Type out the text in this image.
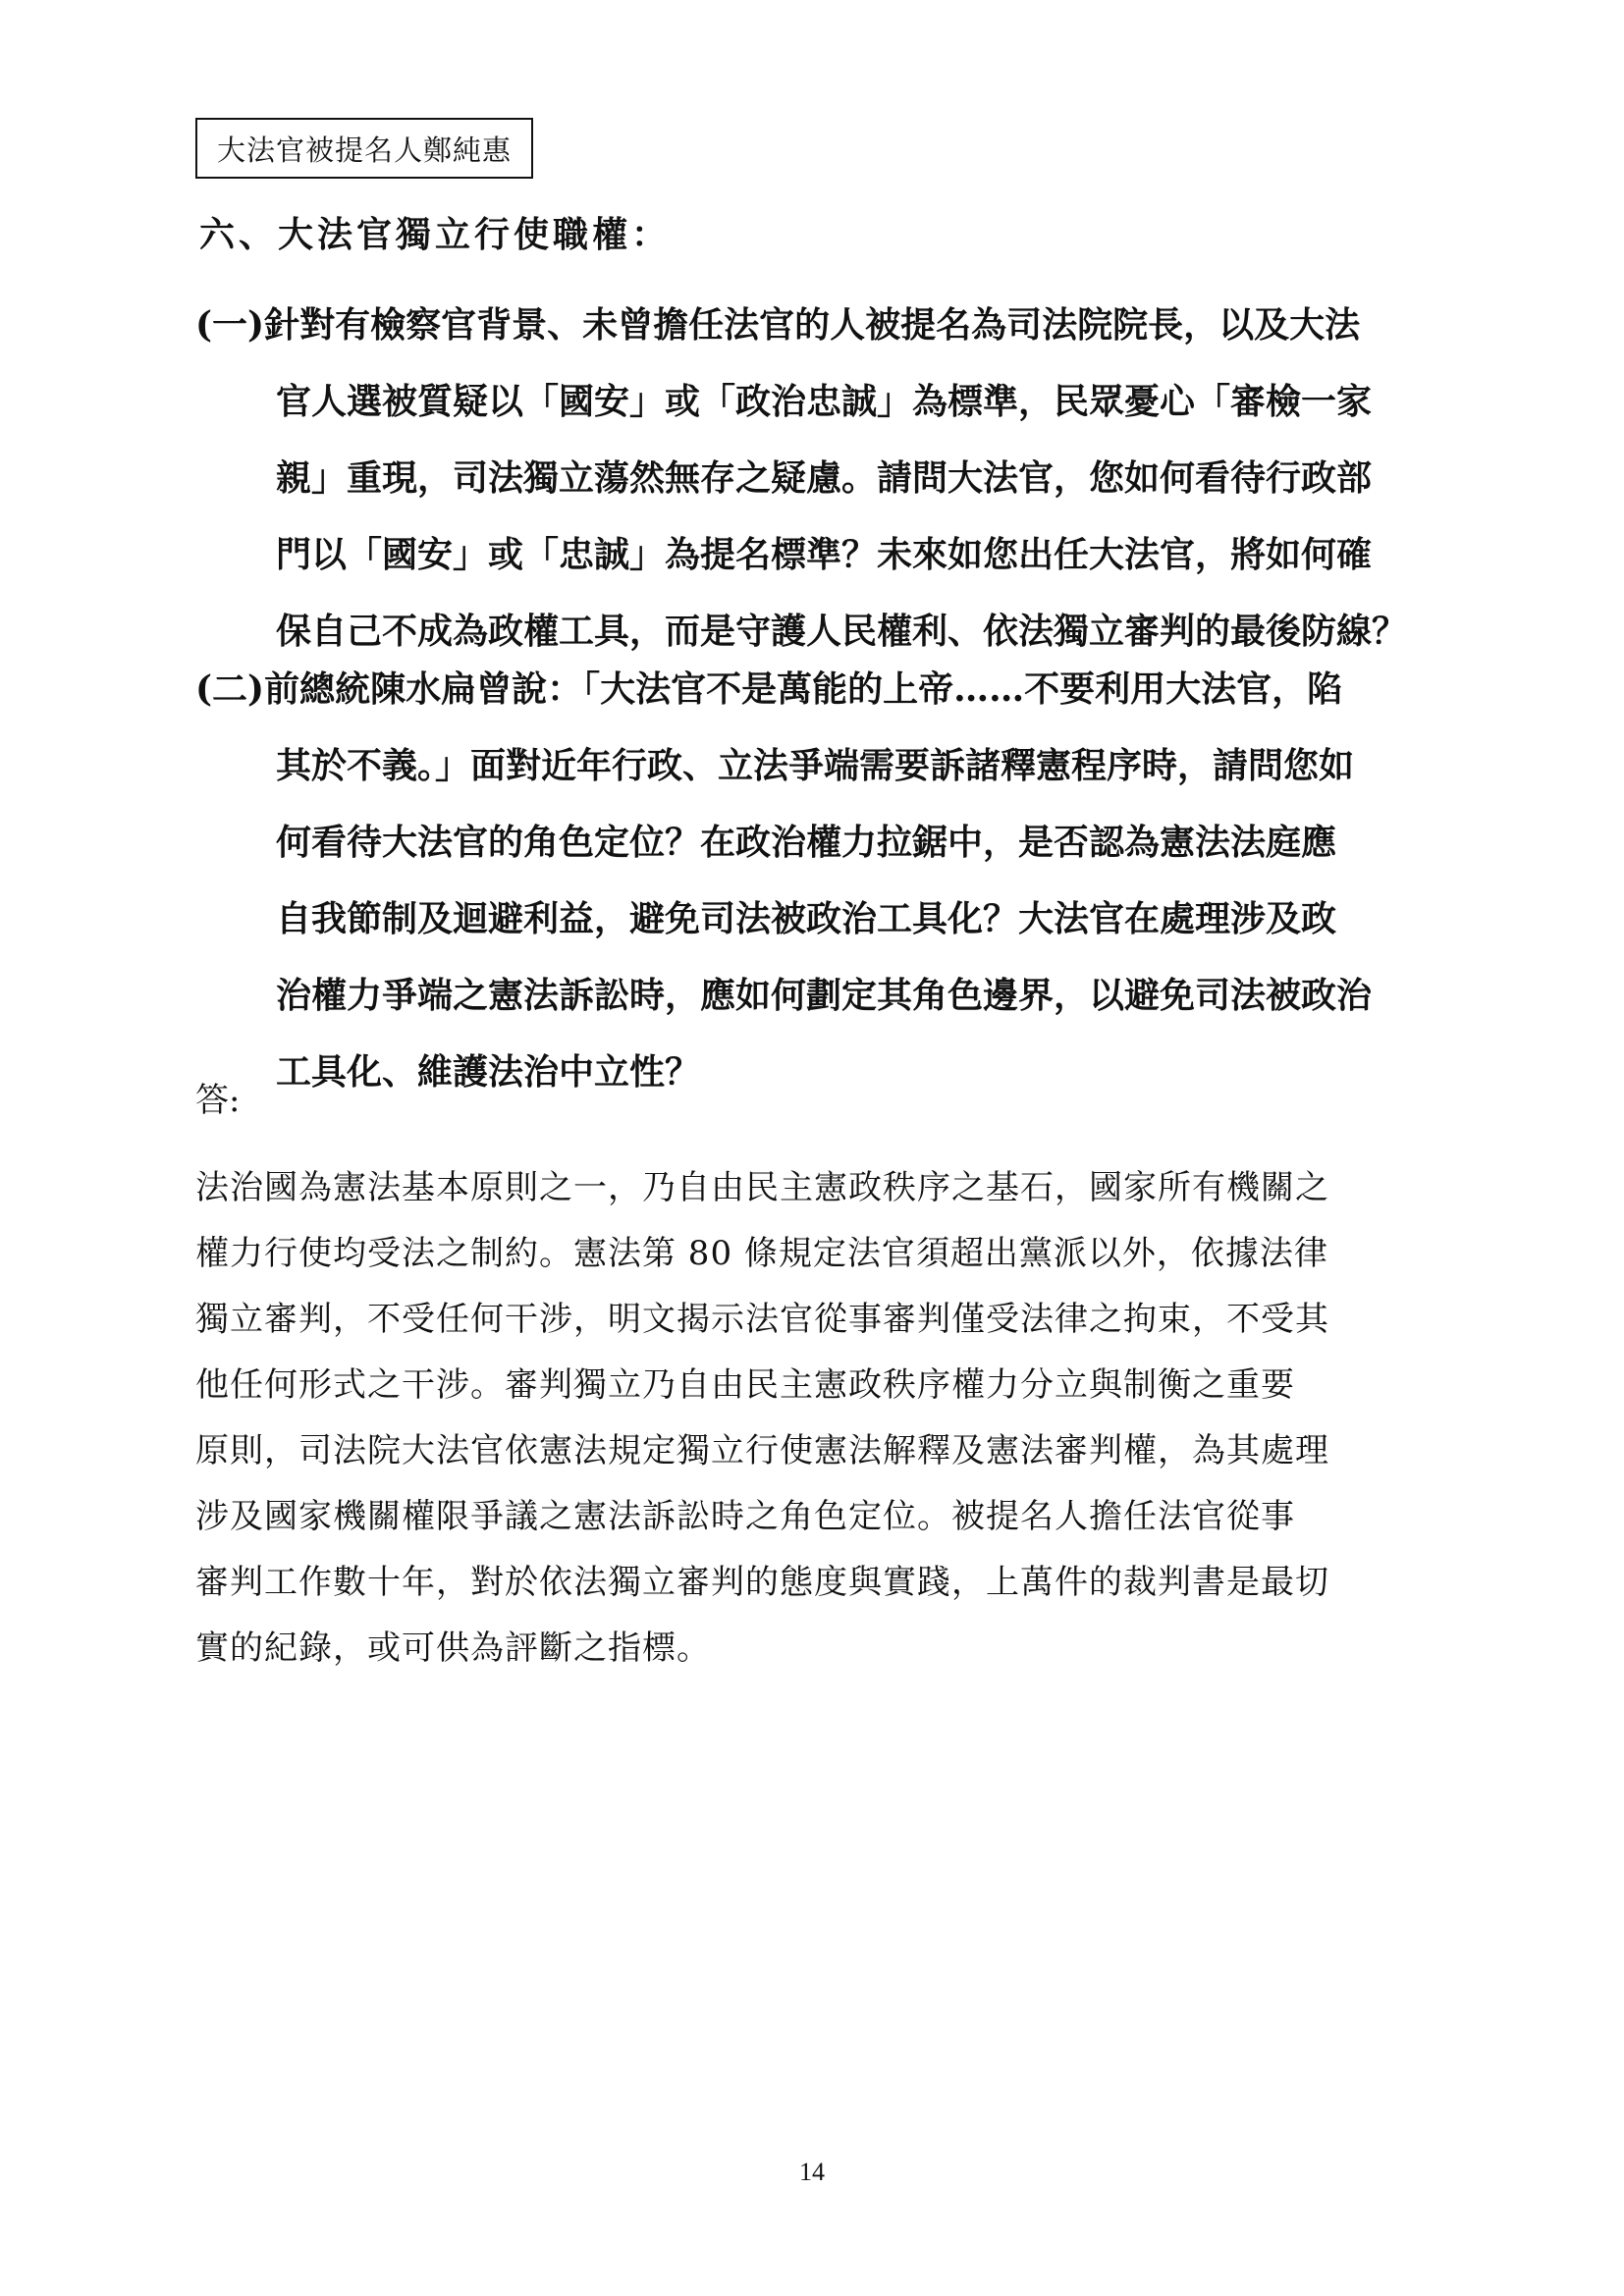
大法官被提名人鄭純惠
六、大法官獨立行使職權：
(一)針對有檢察官背景、未曾擔任法官的人被提名為司法院院長，以及大法
官人選被質疑以「國安」或「政治忠誠」為標準，民眾憂心「審檢一家
親」重現，司法獨立蕩然無存之疑慮。請問大法官，您如何看待行政部
門以「國安」或「忠誠」為提名標準？未來如您出任大法官，將如何確
保自己不成為政權工具，而是守護人民權利、依法獨立審判的最後防線？
(二)前總統陳水扁曾說：「大法官不是萬能的上帝……不要利用大法官，陷
其於不義。」面對近年行政、立法爭端需要訴諸釋憲程序時，請問您如
何看待大法官的角色定位？在政治權力拉鋸中，是否認為憲法法庭應
自我節制及迴避利益，避免司法被政治工具化？大法官在處理涉及政
治權力爭端之憲法訴訟時，應如何劃定其角色邊界，以避免司法被政治
工具化、維護法治中立性？
答:
法治國為憲法基本原則之一，乃自由民主憲政秩序之基石，國家所有機關之
權力行使均受法之制約。憲法第 80 條規定法官須超出黨派以外，依據法律
獨立審判，不受任何干涉，明文揭示法官從事審判僅受法律之拘束，不受其
他任何形式之干涉。審判獨立乃自由民主憲政秩序權力分立與制衡之重要
原則，司法院大法官依憲法規定獨立行使憲法解釋及憲法審判權，為其處理
涉及國家機關權限爭議之憲法訴訟時之角色定位。被提名人擔任法官從事
審判工作數十年，對於依法獨立審判的態度與實踐，上萬件的裁判書是最切
實的紀錄，或可供為評斷之指標。
14
